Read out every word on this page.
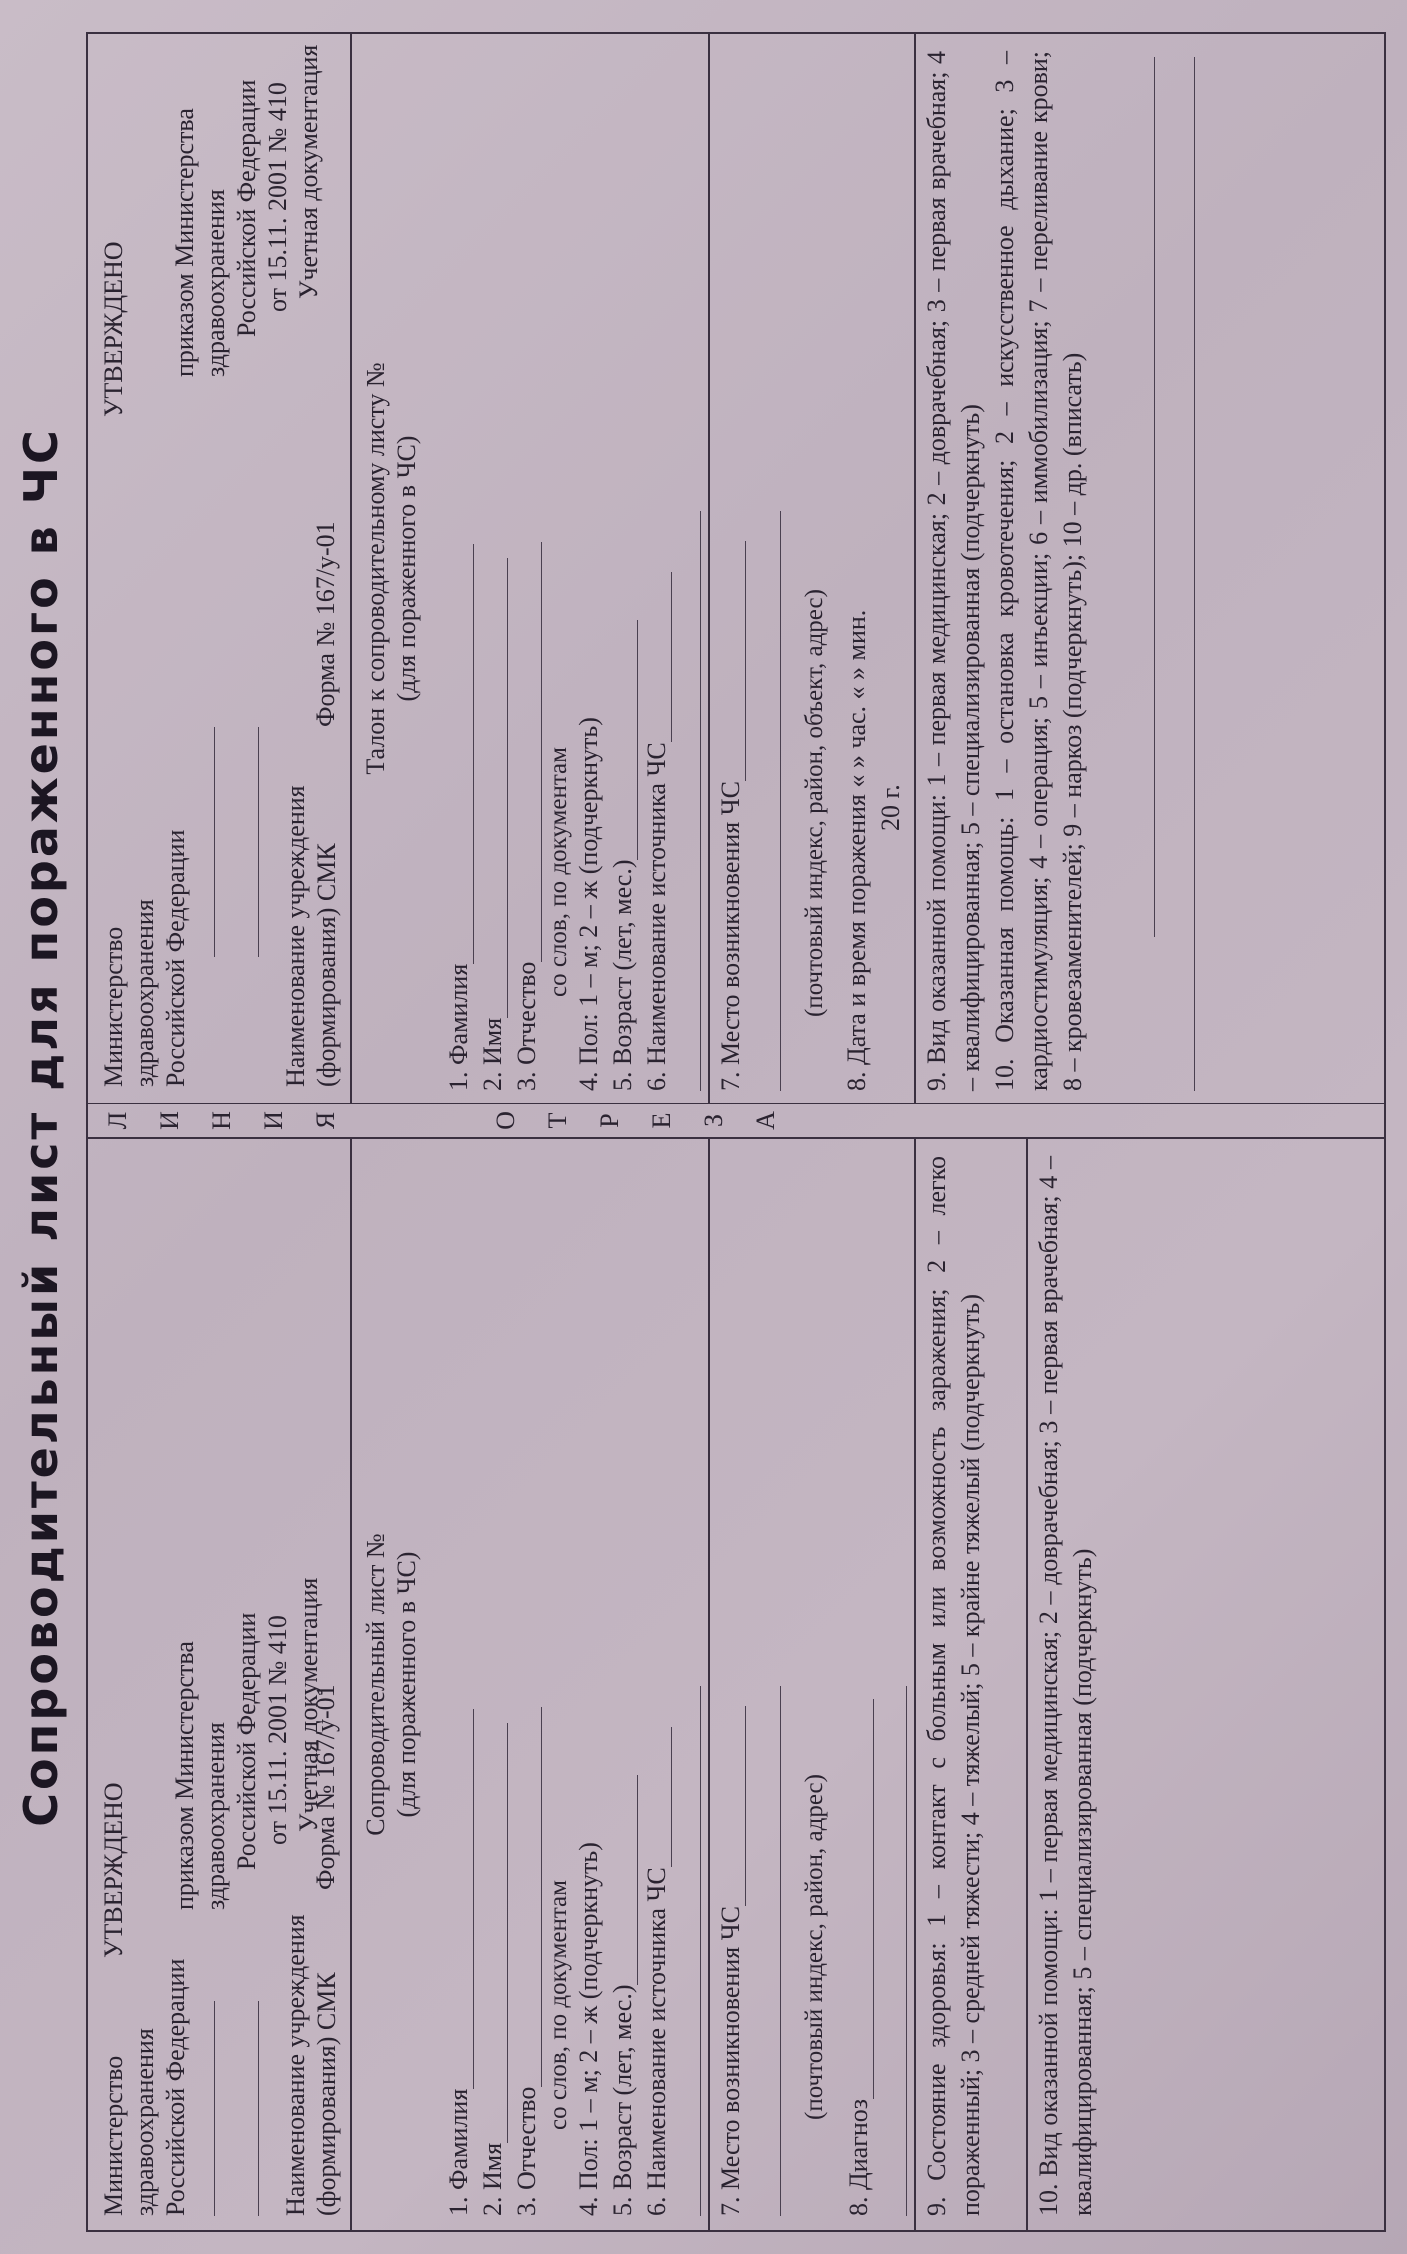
Сопроводительный лист для пораженного в ЧС
Министерство здравоохранения Российской Федерации	Наименование учреждения (формирования) СМК
УТВЕРЖДЕНО приказом Министерства здравоохранения Российской Федерации от 15.11. 2001 № 410 Учетная документация
Форма № 167/у-01 Сопроводительный лист № (для пораженного в ЧС)
1. Фамилия 2. Имя 3. Отчество
со слов, по документам 4. Пол: 1 – м; 2 – ж (подчеркнуть) 5. Возраст (лет, мес.) 6. Наименование источника ЧС 7. Место возникновения ЧС (почтовый индекс, район, адрес)
8. Диагноз 9. Состояние здоровья: 1 – контакт с больным или возможность заражения; 2 – легко пораженный; 3 – средней тяжести; 4 – тяжелый; 5 – крайне тяжелый (подчеркнуть) 10. Вид оказанной помощи: 1 – первая медицинская; 2 – доврачебная; 3 – первая врачебная; 4 – квалифицированная; 5 – специализированная (подчеркнуть)
Л И Н И Я	О Т Р Е З А
Министерство здравоохранения Российской Федерации	Наименование учреждения (формирования) СМК
УТВЕРЖДЕНО приказом Министерства здравоохранения Российской Федерации от 15.11. 2001 № 410 Учетная документация
Форма № 167/у-01 Талон к сопроводительному листу № (для пораженного в ЧС)
1. Фамилия 2. Имя 3. Отчество
со слов, по документам 4. Пол: 1 – м; 2 – ж (подчеркнуть) 5. Возраст (лет, мес.) 6. Наименование источника ЧС 7. Место возникновения ЧС (почтовый индекс, район, объект, адрес) 8. Дата и время поражения « » час. « » мин. 20 г. 9. Вид оказанной помощи: 1 – первая медицинская; 2 – доврачебная; 3 – первая врачебная; 4 – квалифицированная; 5 – специализированная (подчеркнуть) 10. Оказанная помощь: 1 – остановка кровотечения; 2 – искусственное дыхание; 3 – кардиостимуляция; 4 – операция; 5 – инъекции; 6 – иммобилизация; 7 – переливание крови; 8 – кровезаменителей; 9 – наркоз (подчеркнуть); 10 – др. (вписать)
